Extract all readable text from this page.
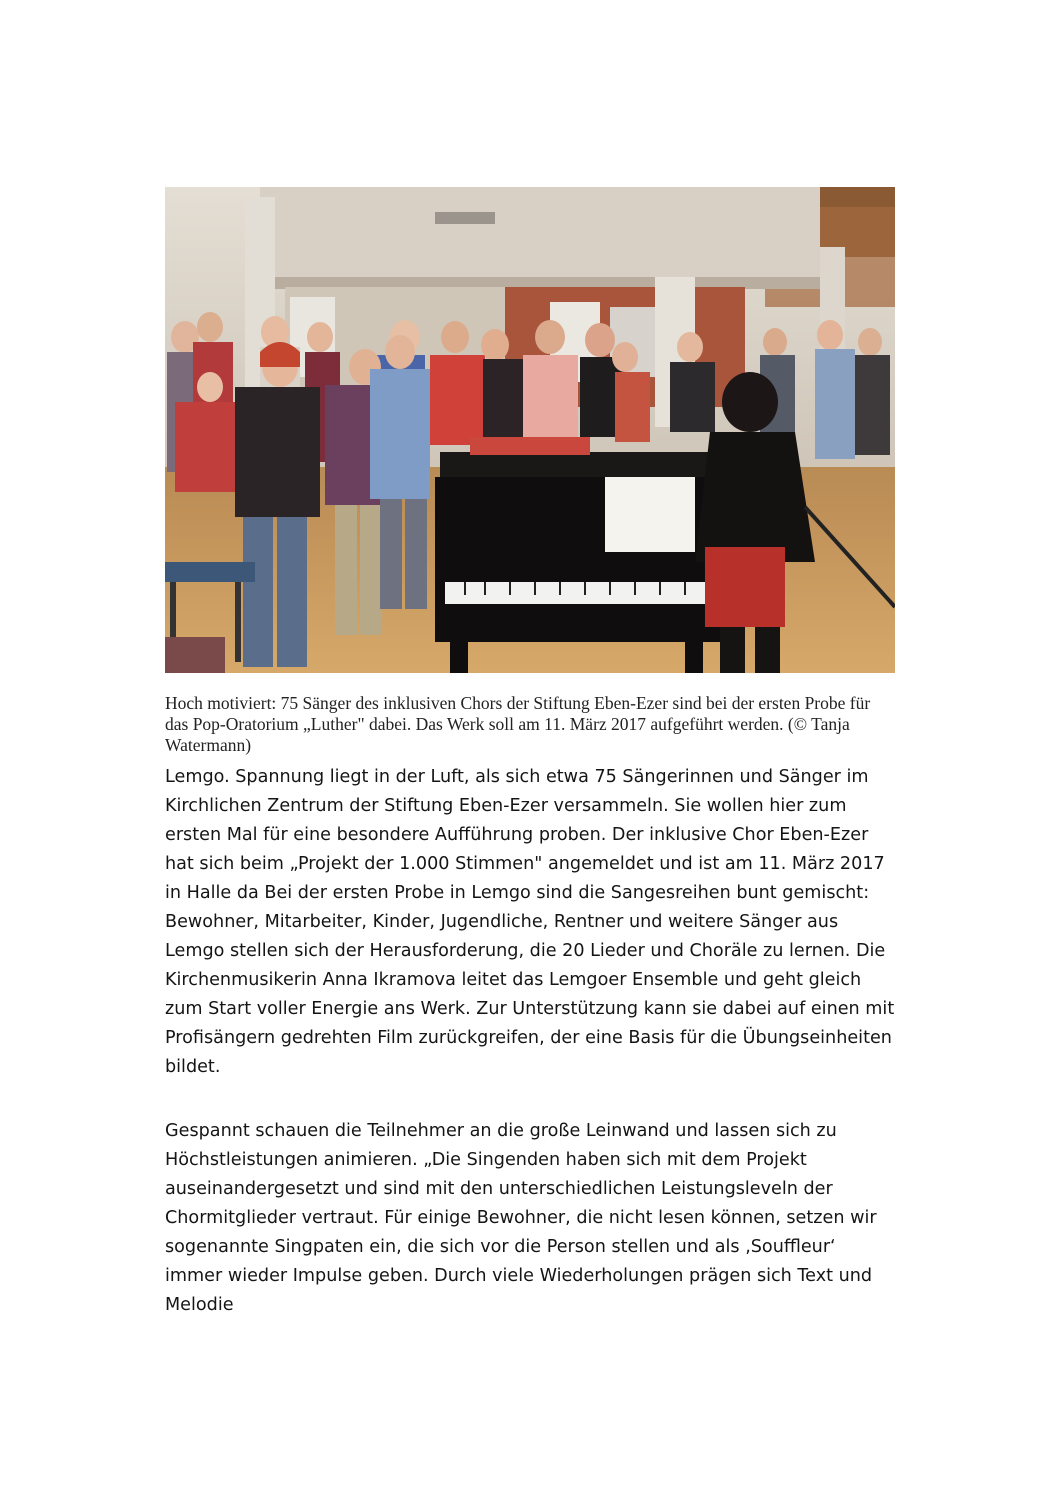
Hoch motiviert: 75 Sänger des inklusiven Chors der Stiftung Eben-Ezer sind bei der ersten Probe für das Pop-Oratorium „Luther" dabei. Das Werk soll am 11. März 2017 aufgeführt werden. (© Tanja Watermann)

Lemgo. Spannung liegt in der Luft, als sich etwa 75 Sängerinnen und Sänger im Kirchlichen Zentrum der Stiftung Eben-Ezer versammeln. Sie wollen hier zum ersten Mal für eine besondere Aufführung proben. Der inklusive Chor Eben-Ezer hat sich beim „Projekt der 1.000 Stimmen" angemeldet und ist am 11. März 2017 in Halle da Bei der ersten Probe in Lemgo sind die Sangesreihen bunt gemischt: Bewohner, Mitarbeiter, Kinder, Jugendliche, Rentner und weitere Sänger aus Lemgo stellen sich der Herausforderung, die 20 Lieder und Choräle zu lernen. Die Kirchenmusikerin Anna Ikramova leitet das Lemgoer Ensemble und geht gleich zum Start voller Energie ans Werk. Zur Unterstützung kann sie dabei auf einen mit Profisängern gedrehten Film zurückgreifen, der eine Basis für die Übungseinheiten bildet.

Gespannt schauen die Teilnehmer an die große Leinwand und lassen sich zu Höchstleistungen animieren. „Die Singenden haben sich mit dem Projekt auseinandergesetzt und sind mit den unterschiedlichen Leistungsleveln der Chormitglieder vertraut. Für einige Bewohner, die nicht lesen können, setzen wir sogenannte Singpaten ein, die sich vor die Person stellen und als ‚Souffleur‘ immer wieder Impulse geben. Durch viele Wiederholungen prägen sich Text und Melodie
